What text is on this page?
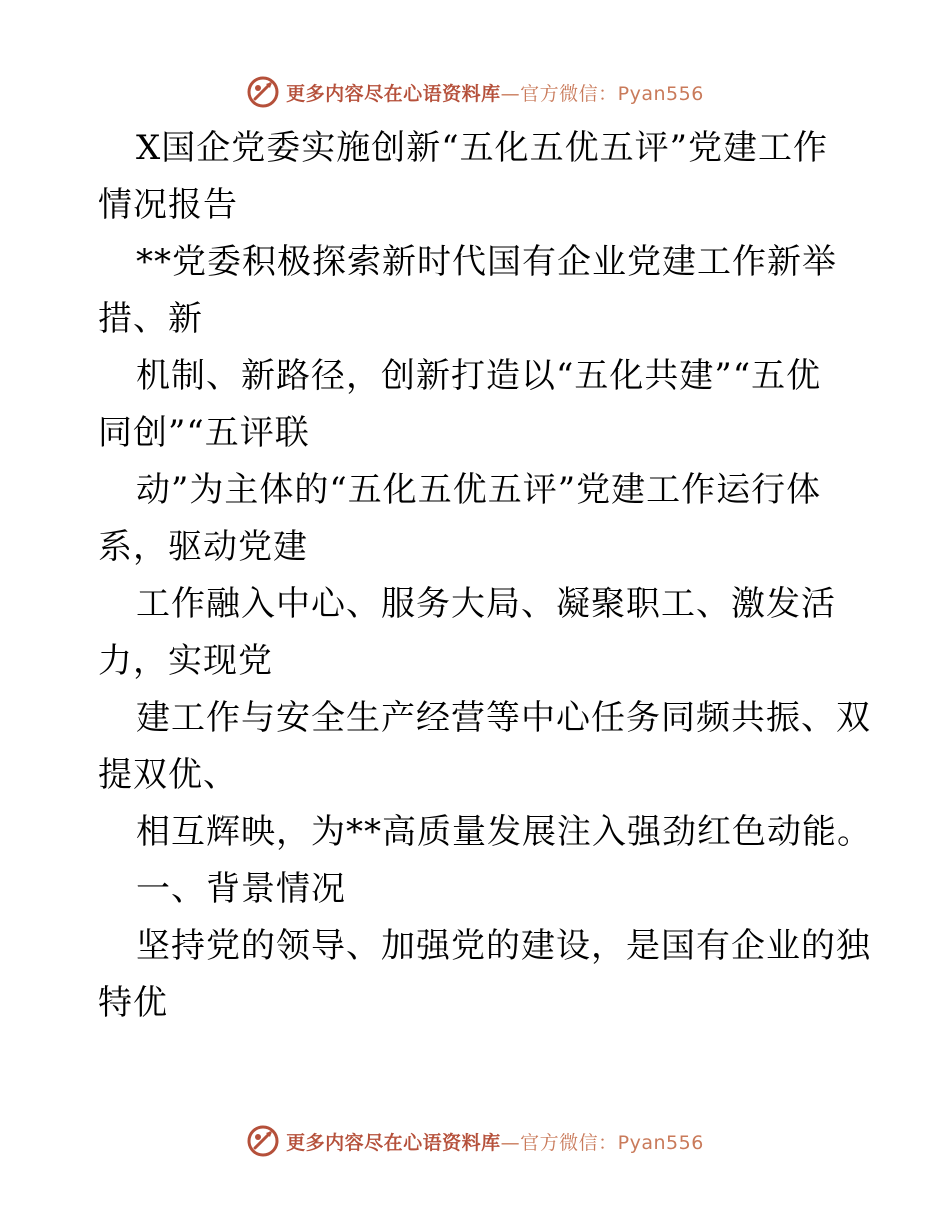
更多内容尽在心语资料库—官方微信：Pyan556
X国企党委实施创新“五化五优五评”党建工作
情况报告
**党委积极探索新时代国有企业党建工作新举
措、新
机制、新路径，创新打造以“五化共建”“五优
同创”“五评联
动”为主体的“五化五优五评”党建工作运行体
系，驱动党建
工作融入中心、服务大局、凝聚职工、激发活
力，实现党
建工作与安全生产经营等中心任务同频共振、双
提双优、
相互辉映，为**高质量发展注入强劲红色动能。
一、背景情况
坚持党的领导、加强党的建设，是国有企业的独
特优
更多内容尽在心语资料库—官方微信：Pyan556
